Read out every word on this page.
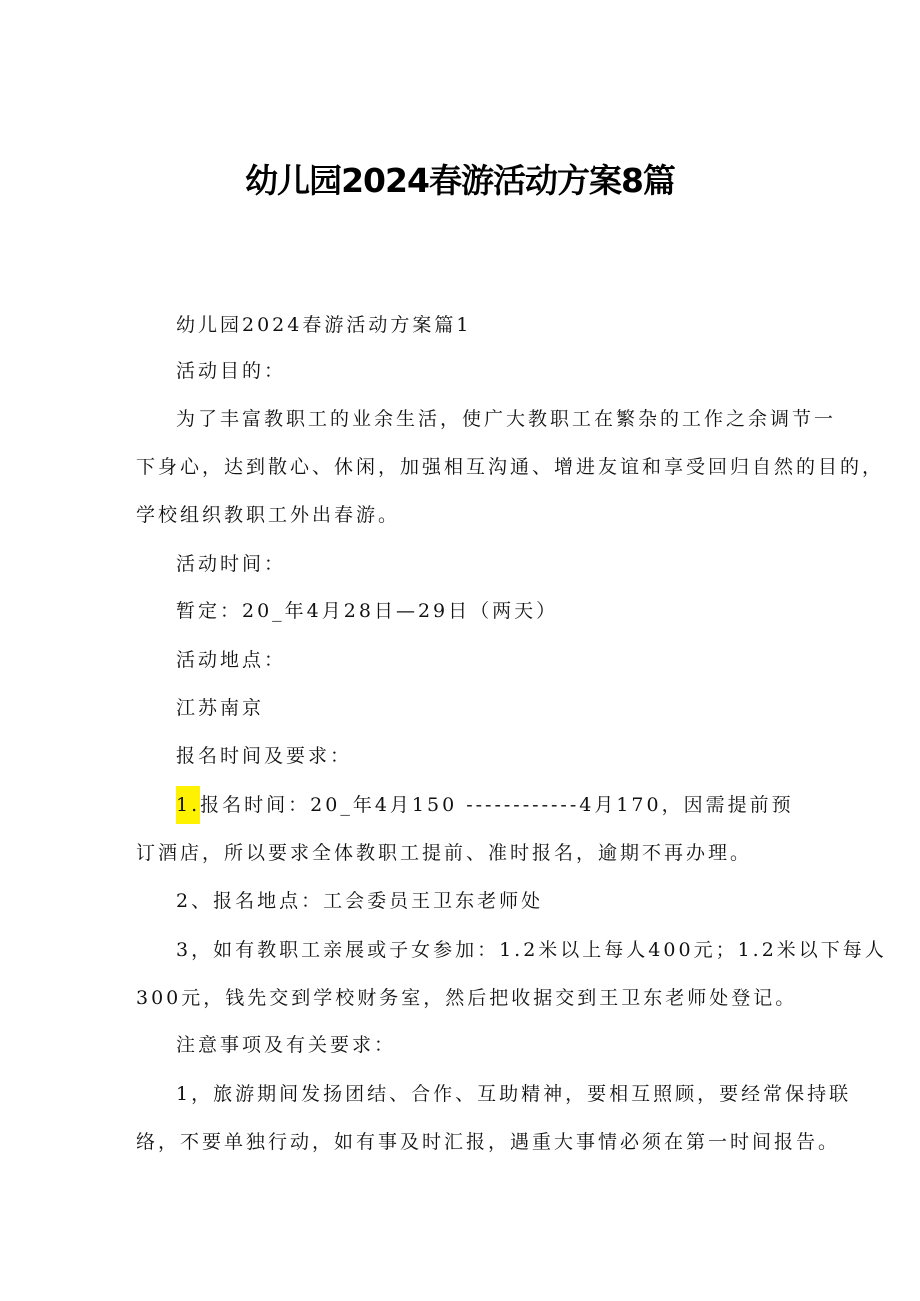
幼儿园2024春游活动方案8篇
幼儿园2024春游活动方案篇1
活动目的：
为了丰富教职工的业余生活，使广大教职工在繁杂的工作之余调节一
下身心，达到散心、休闲，加强相互沟通、增进友谊和享受回归自然的目的，
学校组织教职工外出春游。
活动时间：
暂定：20_年4月28日—29日（两天）
活动地点：
江苏南京
报名时间及要求：
1.报名时间：20_年4月150 ------------4月170，因需提前预
订酒店，所以要求全体教职工提前、准时报名，逾期不再办理。
2、报名地点：工会委员王卫东老师处
3，如有教职工亲展或子女参加：1.2米以上每人400元；1.2米以下每人
300元，钱先交到学校财务室，然后把收据交到王卫东老师处登记。
注意事项及有关要求：
1，旅游期间发扬团结、合作、互助精神，要相互照顾，要经常保持联
络，不要单独行动，如有事及时汇报，遇重大事情必须在第一时间报告。
